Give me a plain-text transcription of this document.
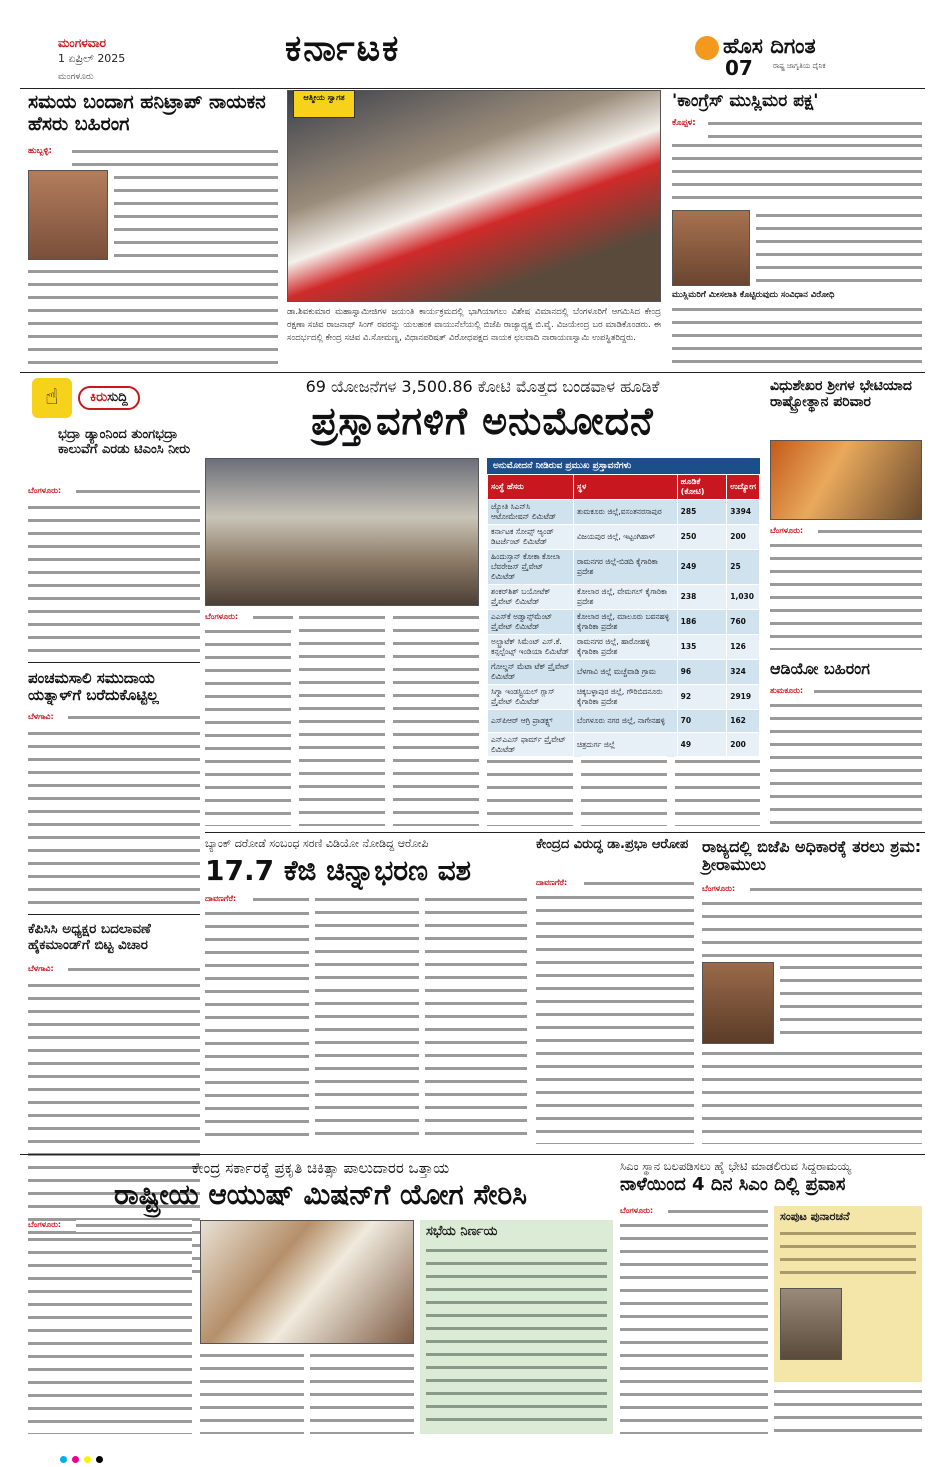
ಮಂಗಳವಾರ
1 ಏಪ್ರಿಲ್ 2025
ಮಂಗಳೂರು
ಕರ್ನಾಟಕ	ಹೊಸ ದಿಗಂತ
ರಾಷ್ಟ್ರ ಜಾಗೃತಿಯ ದೈನಿಕ
07
ಸಮಯ ಬಂದಾಗ ಹನಿಟ್ರಾಪ್ ನಾಯಕನ ಹೆಸರು ಬಹಿರಂಗ
ಹುಬ್ಬಳ್ಳಿ:
ಆತ್ಮೀಯ ಸ್ವಾಗತ
ಡಾ.ಶಿವಕುಮಾರ ಮಹಾಸ್ವಾಮೀಜಿಗಳ ಜಯಂತಿ ಕಾರ್ಯಕ್ರಮದಲ್ಲಿ ಭಾಗಿಯಾಗಲು ವಿಶೇಷ ವಿಮಾನದಲ್ಲಿ ಬೆಂಗಳೂರಿಗೆ ಆಗಮಿಸಿದ ಕೇಂದ್ರ ರಕ್ಷಣಾ ಸಚಿವ ರಾಜನಾಥ್ ಸಿಂಗ್ ರವರನ್ನು ಯಲಹಂಕ ವಾಯುನೆಲೆಯಲ್ಲಿ ಬಿಜೆಪಿ ರಾಜ್ಯಾಧ್ಯಕ್ಷ ಬಿ.ವೈ. ವಿಜಯೇಂದ್ರ ಬರ ಮಾಡಿಕೊಂಡರು. ಈ ಸಂದರ್ಭದಲ್ಲಿ ಕೇಂದ್ರ ಸಚಿವ ವಿ.ಸೋಮಣ್ಣ, ವಿಧಾನಪರಿಷತ್ ವಿರೋಧಪಕ್ಷದ ನಾಯಕ ಛಲವಾದಿ ನಾರಾಯಣಸ್ವಾಮಿ ಉಪಸ್ಥಿತರಿದ್ದರು.
'ಕಾಂಗ್ರೆಸ್ ಮುಸ್ಲಿಮರ ಪಕ್ಷ'
ಕೊಪ್ಪಳ:
ಮುಸ್ಲಿಮರಿಗೆ ಮೀಸಲಾತಿ ಕೊಟ್ಟಿರುವುದು ಸಂವಿಧಾನ ವಿರೋಧಿ
☝	ಕಿರುಸುದ್ದಿ
ಭದ್ರಾ ಡ್ಯಾಂನಿಂದ ತುಂಗಭದ್ರಾ ಕಾಲುವೆಗೆ ಎರಡು ಟಿಎಂಸಿ ನೀರು
ಬೆಂಗಳೂರು:
ಪಂಚಮಸಾಲಿ ಸಮುದಾಯ ಯತ್ನಾಳ್‌ಗೆ ಬರೆದುಕೊಟ್ಟಿಲ್ಲ
ಬೆಳಗಾವಿ:
ಕೆಪಿಸಿಸಿ ಅಧ್ಯಕ್ಷರ ಬದಲಾವಣೆ ಹೈಕಮಾಂಡ್‌ಗೆ ಬಿಟ್ಟ ವಿಚಾರ
ಬೆಳಗಾವಿ:
69 ಯೋಜನೆಗಳ 3,500.86 ಕೋಟಿ ಮೊತ್ತದ ಬಂಡವಾಳ ಹೂಡಿಕೆ
ಪ್ರಸ್ತಾವಗಳಿಗೆ ಅನುಮೋದನೆ
ಬೆಂಗಳೂರು:
ಅನುಮೋದನೆ ನೀಡಿರುವ ಪ್ರಮುಖ ಪ್ರಸ್ತಾವನೆಗಳು
ಸಂಸ್ಥೆ ಹೆಸರು	ಸ್ಥಳ	ಹೂಡಿಕೆ (ಕೋಟಿ)	ಉದ್ಯೋಗ
ಜ್ಯೋತಿ ಸಿಎನ್‌ಸಿ ಆಟೋಮೇಷನ್ ಲಿಮಿಟೆಡ್	ತುಮಕೂರು ಜಿಲ್ಲೆ,ವಸಂತನರಸಾಪುರ	285	3394
ಕರ್ನಾಟಕ ಸೋಪ್ಸ್ ಆ್ಯಂಡ್ ಡಿಟರ್ಜೆಂಟ್ ಲಿಮಿಟೆಡ್	ವಿಜಯಪುರ ಜಿಲ್ಲೆ, ಇಟ್ಟಂಗಿಹಾಳ್	250	200
ಹಿಂದುಸ್ತಾನ್ ಕೋಕಾ ಕೋಲಾ ಬೆವರೇಜಸ್ ಪ್ರೈವೇಟ್ ಲಿಮಿಟೆಡ್	ರಾಮನಗರ ಜಿಲ್ಲೆ-ಬಿಡದಿ ಕೈಗಾರಿಕಾ ಪ್ರದೇಶ	249	25
ಶಂಕರ್‌ಶಿಶ್ ಬಯೋಟೆಕ್ ಪ್ರೈವೇಟ್ ಲಿಮಿಟೆಡ್	ಕೋಲಾರ ಜಿಲ್ಲೆ, ವೇಮಗಲ್ ಕೈಗಾರಿಕಾ ಪ್ರದೇಶ	238	1,030
ಎಎಸ್‌ಕೆ ಅಡ್ವಾನ್ಸ್‌ಮೆಂಟ್ ಪ್ರೈವೇಟ್ ಲಿಮಿಟೆಡ್	ಕೋಲಾರ ಜಿಲ್ಲೆ, ಮಾಲೂರು ಬವನಹಳ್ಳಿ ಕೈಗಾರಿಕಾ ಪ್ರದೇಶ	186	760
ಅಲ್ಟ್ರಾಟೆಕ್ ಸಿಮೆಂಟ್ ಎಸ್.ಕೆ. ಕನ್ಸಲ್ಟೆಂಟ್ಸ್ ಇಂಡಿಯಾ ಲಿಮಿಟೆಡ್	ರಾಮನಗರ ಜಿಲ್ಲೆ, ಹಾರೋಹಳ್ಳಿ ಕೈಗಾರಿಕಾ ಪ್ರದೇಶ	135	126
ಗೋಲ್ಡನ್ ಮೆಟಾ ಟೆಕ್ ಪ್ರೈವೇಟ್ ಲಿಮಿಟೆಡ್	ಬೆಳಗಾವಿ ಜಿಲ್ಲೆ ಮಚ್ಚೆವಾಡಿ ಗ್ರಾಮ	96	324
ಸಿಗ್ನಾ ಇಂಡಸ್ಟ್ರಿಯಲ್ ಗ್ಲಾಸ್ ಪ್ರೈವೇಟ್ ಲಿಮಿಟೆಡ್	ಚಿಕ್ಕಬಳ್ಳಾಪುರ ಜಿಲ್ಲೆ, ಗೌರಿಬಿದನೂರು ಕೈಗಾರಿಕಾ ಪ್ರದೇಶ	92	2919
ಎಸ್‌ಪಿಆರ್ ಆಗ್ರಿ ಪ್ರಾಡಕ್ಟ್ಸ್	ಬೆಂಗಳೂರು ನಗರ ಜಿಲ್ಲೆ, ನಾಗೇನಹಳ್ಳಿ	70	162
ಎನ್‌ಎಎಸ್ ಫಾರ್ಮ್ ಪ್ರೈವೇಟ್ ಲಿಮಿಟೆಡ್	ಚಿತ್ರದುರ್ಗ ಜಿಲ್ಲೆ	49	200
ವಿಧುಶೇಖರ ಶ್ರೀಗಳ ಭೇಟಿಯಾದ ರಾಷ್ಟ್ರೋತ್ಥಾನ ಪರಿವಾರ
ಬೆಂಗಳೂರು:
ಆಡಿಯೋ ಬಹಿರಂಗ
ತುಮಕೂರು:
ಬ್ಯಾಂಕ್ ದರೋಡೆ ಸಂಬಂಧ ಸರಣಿ ವಿಡಿಯೋ ನೋಡಿದ್ದ ಆರೋಪಿ
17.7 ಕೆಜಿ ಚಿನ್ನಾಭರಣ ವಶ
ದಾವಣಗೆರೆ:
ಕೇಂದ್ರದ ವಿರುದ್ಧ ಡಾ.ಪ್ರಭಾ ಆರೋಪ
ದಾವಣಗೆರೆ:
ರಾಜ್ಯದಲ್ಲಿ ಬಿಜೆಪಿ ಅಧಿಕಾರಕ್ಕೆ ತರಲು ಶ್ರಮ: ಶ್ರೀರಾಮುಲು
ಬೆಂಗಳೂರು:
ಕೇಂದ್ರ ಸರ್ಕಾರಕ್ಕೆ ಪ್ರಕೃತಿ ಚಿಕಿತ್ಸಾ ಪಾಲುದಾರರ ಒತ್ತಾಯ
ರಾಷ್ಟ್ರೀಯ ಆಯುಷ್ ಮಿಷನ್‌ಗೆ ಯೋಗ ಸೇರಿಸಿ
ಬೆಂಗಳೂರು:	ಸಭೆಯ ನಿರ್ಣಯ
ಸಿಎಂ ಸ್ಥಾನ ಬಲಪಡಿಸಲು ಹೈ ಭೇಟಿ ಮಾಡಲಿರುವ ಸಿದ್ದರಾಮಯ್ಯ
ನಾಳೆಯಿಂದ 4 ದಿನ ಸಿಎಂ ದಿಲ್ಲಿ ಪ್ರವಾಸ
ಬೆಂಗಳೂರು:	ಸಂಪುಟ ಪುನಾರಚನೆ
